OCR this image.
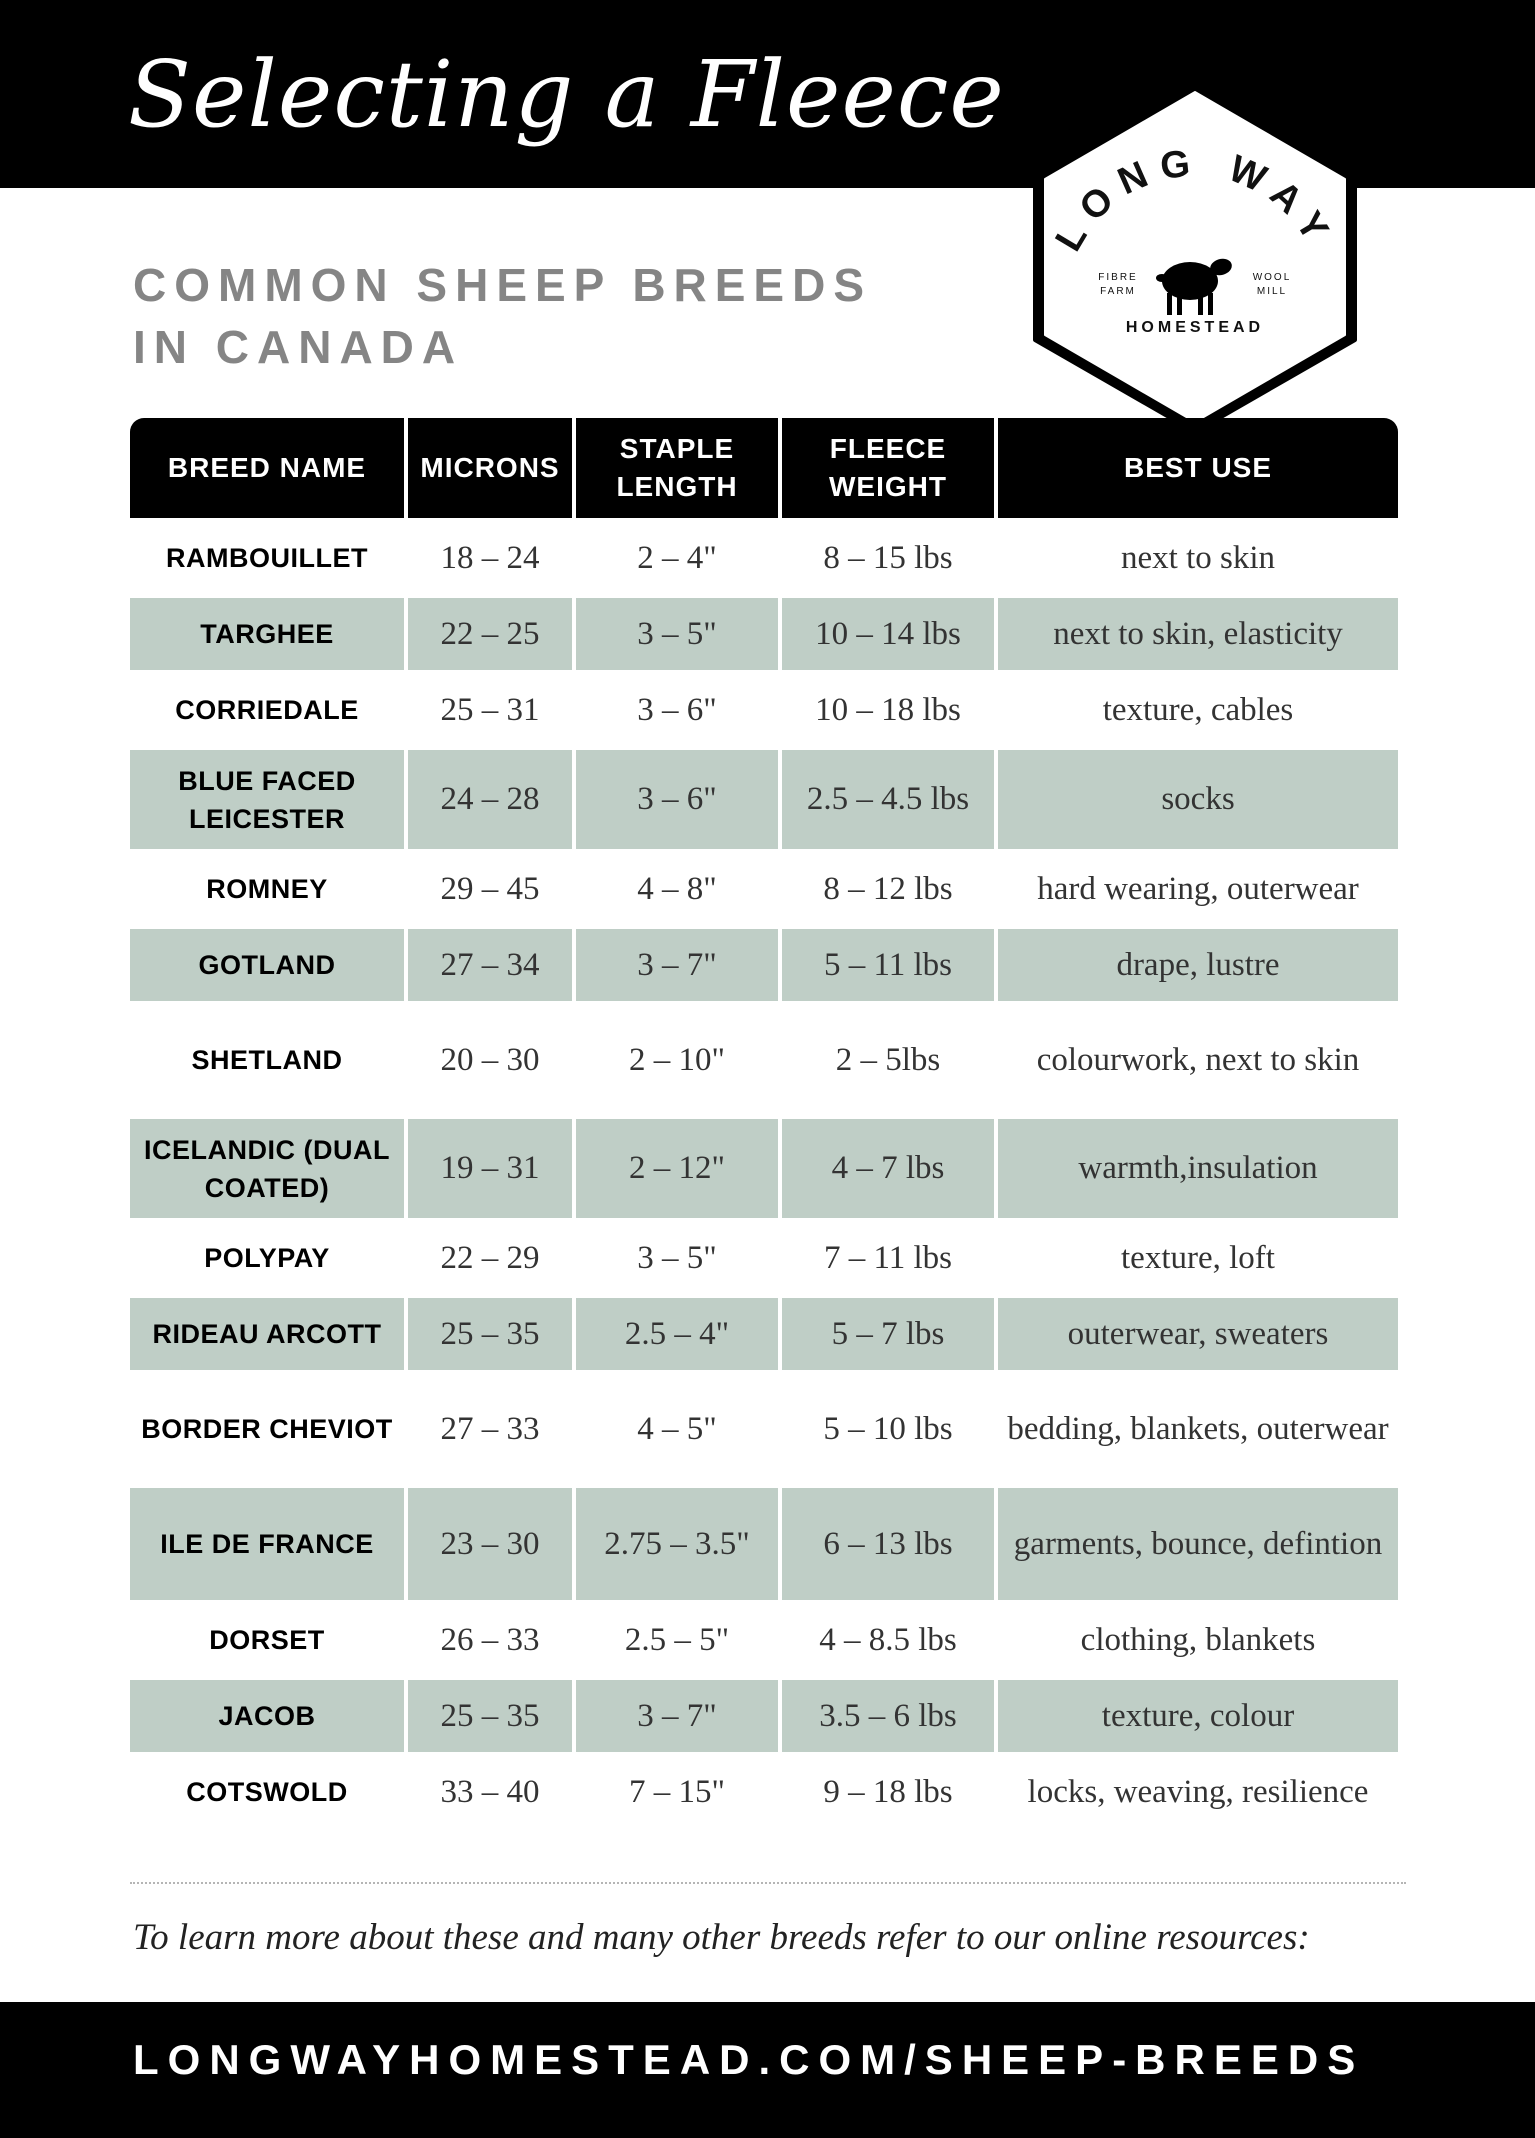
Selecting a Fleece
COMMON SHEEP BREEDS
IN CANADA
LONG WAY
FIBRE
FARM
WOOL
MILL
HOMESTEAD
BREED NAME	MICRONS	STAPLE LENGTH	FLEECE WEIGHT	BEST USE

RAMBOUILLET	18 – 24	2 – 4"	8 – 15 lbs	next to skin

TARGHEE	22 – 25	3 – 5"	10 – 14 lbs	next to skin, elasticity

CORRIEDALE	25 – 31	3 – 6"	10 – 18 lbs	texture, cables

BLUE FACED LEICESTER	24 – 28	3 – 6"	2.5 – 4.5 lbs	socks

ROMNEY	29 – 45	4 – 8"	8 – 12 lbs	hard wearing, outerwear

GOTLAND	27 – 34	3 – 7"	5 – 11 lbs	drape, lustre

SHETLAND	20 – 30	2 – 10"	2 – 5lbs	colourwork, next to skin

ICELANDIC (DUAL COATED)	19 – 31	2 – 12"	4 – 7 lbs	warmth,insulation

POLYPAY	22 – 29	3 – 5"	7 – 11 lbs	texture, loft

RIDEAU ARCOTT	25 – 35	2.5 – 4"	5 – 7 lbs	outerwear, sweaters

BORDER CHEVIOT	27 – 33	4 – 5"	5 – 10 lbs	bedding, blankets, outerwear

ILE DE FRANCE	23 – 30	2.75 – 3.5"	6 – 13 lbs	garments, bounce, defintion

DORSET	26 – 33	2.5 – 5"	4 – 8.5 lbs	clothing, blankets

JACOB	25 – 35	3 – 7"	3.5 – 6 lbs	texture, colour

COTSWOLD	33 – 40	7 – 15"	9 – 18 lbs	locks, weaving, resilience

To learn more about these and many other breeds refer to our online resources:

LONGWAYHOMESTEAD.COM/SHEEP-BREEDS
